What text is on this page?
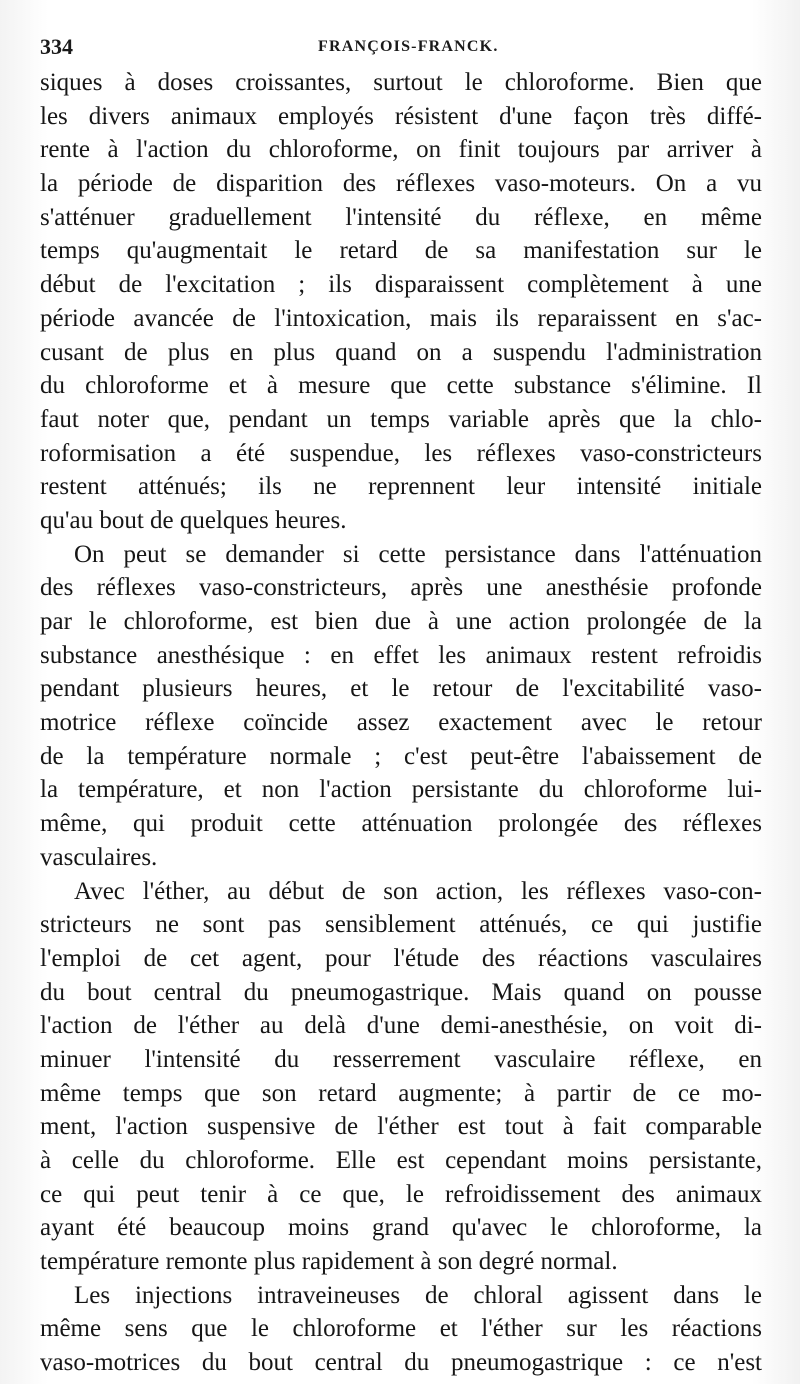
334	FRANÇOIS-FRANCK.
siques à doses croissantes, surtout le chloroforme. Bien que
les divers animaux employés résistent d'une façon très diffé-
rente à l'action du chloroforme, on finit toujours par arriver à
la période de disparition des réflexes vaso-moteurs. On a vu
s'atténuer graduellement l'intensité du réflexe, en même
temps qu'augmentait le retard de sa manifestation sur le
début de l'excitation ; ils disparaissent complètement à une
période avancée de l'intoxication, mais ils reparaissent en s'ac-
cusant de plus en plus quand on a suspendu l'administration
du chloroforme et à mesure que cette substance s'élimine. Il
faut noter que, pendant un temps variable après que la chlo-
roformisation a été suspendue, les réflexes vaso-constricteurs
restent atténués; ils ne reprennent leur intensité initiale
qu'au bout de quelques heures.
On peut se demander si cette persistance dans l'atténuation
des réflexes vaso-constricteurs, après une anesthésie profonde
par le chloroforme, est bien due à une action prolongée de la
substance anesthésique : en effet les animaux restent refroidis
pendant plusieurs heures, et le retour de l'excitabilité vaso-
motrice réflexe coïncide assez exactement avec le retour
de la température normale ; c'est peut-être l'abaissement de
la température, et non l'action persistante du chloroforme lui-
même, qui produit cette atténuation prolongée des réflexes
vasculaires.
Avec l'éther, au début de son action, les réflexes vaso-con-
stricteurs ne sont pas sensiblement atténués, ce qui justifie
l'emploi de cet agent, pour l'étude des réactions vasculaires
du bout central du pneumogastrique. Mais quand on pousse
l'action de l'éther au delà d'une demi-anesthésie, on voit di-
minuer l'intensité du resserrement vasculaire réflexe, en
même temps que son retard augmente; à partir de ce mo-
ment, l'action suspensive de l'éther est tout à fait comparable
à celle du chloroforme. Elle est cependant moins persistante,
ce qui peut tenir à ce que, le refroidissement des animaux
ayant été beaucoup moins grand qu'avec le chloroforme, la
température remonte plus rapidement à son degré normal.
Les injections intraveineuses de chloral agissent dans le
même sens que le chloroforme et l'éther sur les réactions
vaso-motrices du bout central du pneumogastrique : ce n'est
